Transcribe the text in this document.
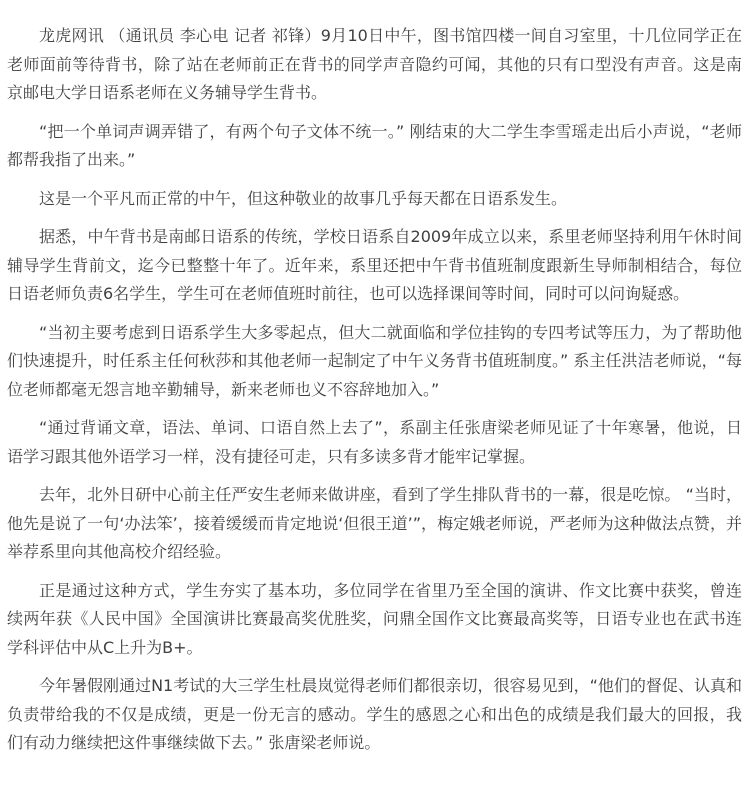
龙虎网讯 （通讯员 李心电 记者 祁锋）9月10日中午，图书馆四楼一间自习室里，十几位同学正在老师面前等待背书，除了站在老师前正在背书的同学声音隐约可闻，其他的只有口型没有声音。这是南京邮电大学日语系老师在义务辅导学生背书。

“把一个单词声调弄错了，有两个句子文体不统一。” 刚结束的大二学生李雪瑶走出后小声说，“老师都帮我指了出来。”

这是一个平凡而正常的中午，但这种敬业的故事几乎每天都在日语系发生。

据悉，中午背书是南邮日语系的传统，学校日语系自2009年成立以来，系里老师坚持利用午休时间辅导学生背前文，迄今已整整十年了。近年来，系里还把中午背书值班制度跟新生导师制相结合，每位日语老师负责6名学生，学生可在老师值班时前往，也可以选择课间等时间，同时可以问询疑惑。

“当初主要考虑到日语系学生大多零起点，但大二就面临和学位挂钩的专四考试等压力，为了帮助他们快速提升，时任系主任何秋莎和其他老师一起制定了中午义务背书值班制度。” 系主任洪洁老师说，“每位老师都毫无怨言地辛勤辅导，新来老师也义不容辞地加入。”

“通过背诵文章，语法、单词、口语自然上去了”，系副主任张唐梁老师见证了十年寒暑，他说，日语学习跟其他外语学习一样，没有捷径可走，只有多读多背才能牢记掌握。

去年，北外日研中心前主任严安生老师来做讲座，看到了学生排队背书的一幕，很是吃惊。 “当时，他先是说了一句‘办法笨’，接着缓缓而肯定地说‘但很王道’”，梅定娥老师说，严老师为这种做法点赞，并举荐系里向其他高校介绍经验。

正是通过这种方式，学生夯实了基本功，多位同学在省里乃至全国的演讲、作文比赛中获奖，曾连续两年获《人民中国》全国演讲比赛最高奖优胜奖，问鼎全国作文比赛最高奖等，日语专业也在武书连学科评估中从C上升为B+。

今年暑假刚通过N1考试的大三学生杜晨岚觉得老师们都很亲切，很容易见到，“他们的督促、认真和负责带给我的不仅是成绩，更是一份无言的感动。学生的感恩之心和出色的成绩是我们最大的回报，我们有动力继续把这件事继续做下去。” 张唐梁老师说。
